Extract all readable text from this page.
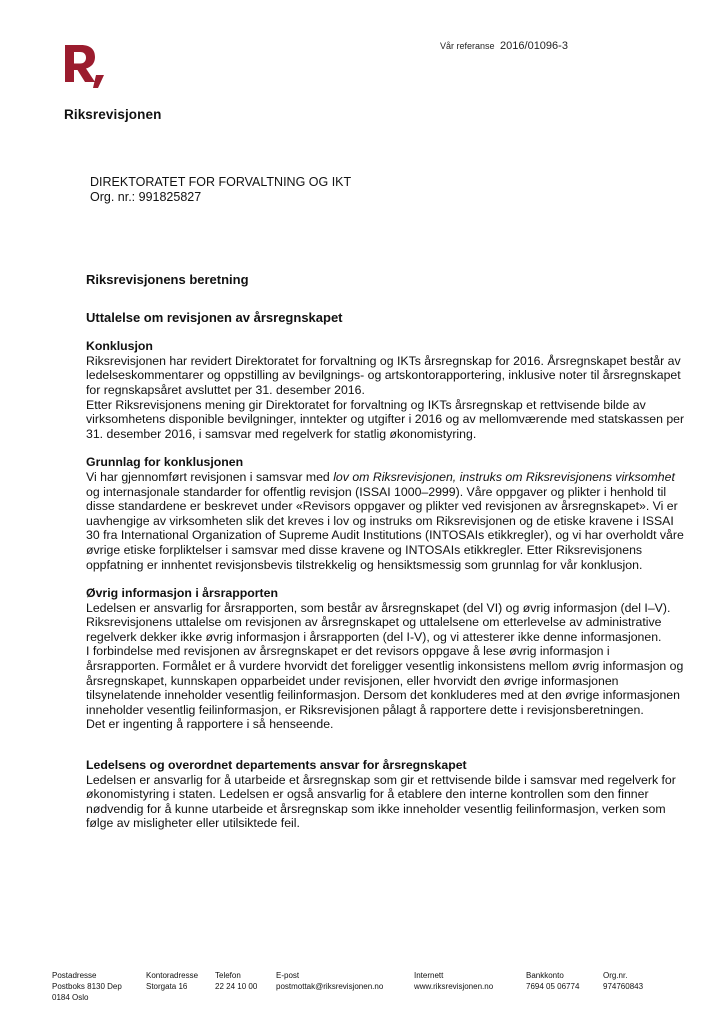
Vår referanse 2016/01096-3
Riksrevisjonen
DIREKTORATET FOR FORVALTNING OG IKT
Org. nr.: 991825827
Riksrevisjonens beretning
Uttalelse om revisjonen av årsregnskapet
Konklusjon

Riksrevisjonen har revidert Direktoratet for forvaltning og IKTs årsregnskap for 2016. Årsregnskapet består av ledelseskommentarer og oppstilling av bevilgnings- og artskontorapportering, inklusive noter til årsregnskapet for regnskapsåret avsluttet per 31. desember 2016.

Etter Riksrevisjonens mening gir Direktoratet for forvaltning og IKTs årsregnskap et rettvisende bilde av virksomhetens disponible bevilgninger, inntekter og utgifter i 2016 og av mellomværende med statskassen per 31. desember 2016, i samsvar med regelverk for statlig økonomistyring.

Grunnlag for konklusjonen

Vi har gjennomført revisjonen i samsvar med lov om Riksrevisjonen, instruks om Riksrevisjonens virksomhet og internasjonale standarder for offentlig revisjon (ISSAI 1000–2999). Våre oppgaver og plikter i henhold til disse standardene er beskrevet under «Revisors oppgaver og plikter ved revisjonen av årsregnskapet». Vi er uavhengige av virksomheten slik det kreves i lov og instruks om Riksrevisjonen og de etiske kravene i ISSAI 30 fra International Organization of Supreme Audit Institutions (INTOSAIs etikkregler), og vi har overholdt våre øvrige etiske forpliktelser i samsvar med disse kravene og INTOSAIs etikkregler. Etter Riksrevisjonens oppfatning er innhentet revisjonsbevis tilstrekkelig og hensiktsmessig som grunnlag for vår konklusjon.

Øvrig informasjon i årsrapporten

Ledelsen er ansvarlig for årsrapporten, som består av årsregnskapet (del VI) og øvrig informasjon (del I–V). Riksrevisjonens uttalelse om revisjonen av årsregnskapet og uttalelsene om etterlevelse av administrative regelverk dekker ikke øvrig informasjon i årsrapporten (del I-V), og vi attesterer ikke denne informasjonen.

I forbindelse med revisjonen av årsregnskapet er det revisors oppgave å lese øvrig informasjon i årsrapporten. Formålet er å vurdere hvorvidt det foreligger vesentlig inkonsistens mellom øvrig informasjon og årsregnskapet, kunnskapen opparbeidet under revisjonen, eller hvorvidt den øvrige informasjonen tilsynelatende inneholder vesentlig feilinformasjon. Dersom det konkluderes med at den øvrige informasjonen inneholder vesentlig feilinformasjon, er Riksrevisjonen pålagt å rapportere dette i revisjonsberetningen.

Det er ingenting å rapportere i så henseende.

Ledelsens og overordnet departements ansvar for årsregnskapet

Ledelsen er ansvarlig for å utarbeide et årsregnskap som gir et rettvisende bilde i samsvar med regelverk for økonomistyring i staten. Ledelsen er også ansvarlig for å etablere den interne kontrollen som den finner nødvendig for å kunne utarbeide et årsregnskap som ikke inneholder vesentlig feilinformasjon, verken som følge av misligheter eller utilsiktede feil.

Postadresse
Postboks 8130 Dep
0184 Oslo
Kontoradresse
Storgata 16
Telefon
22 24 10 00
E-post
postmottak@riksrevisjonen.no
Internett
www.riksrevisjonen.no
Bankkonto
7694 05 06774
Org.nr.
974760843
